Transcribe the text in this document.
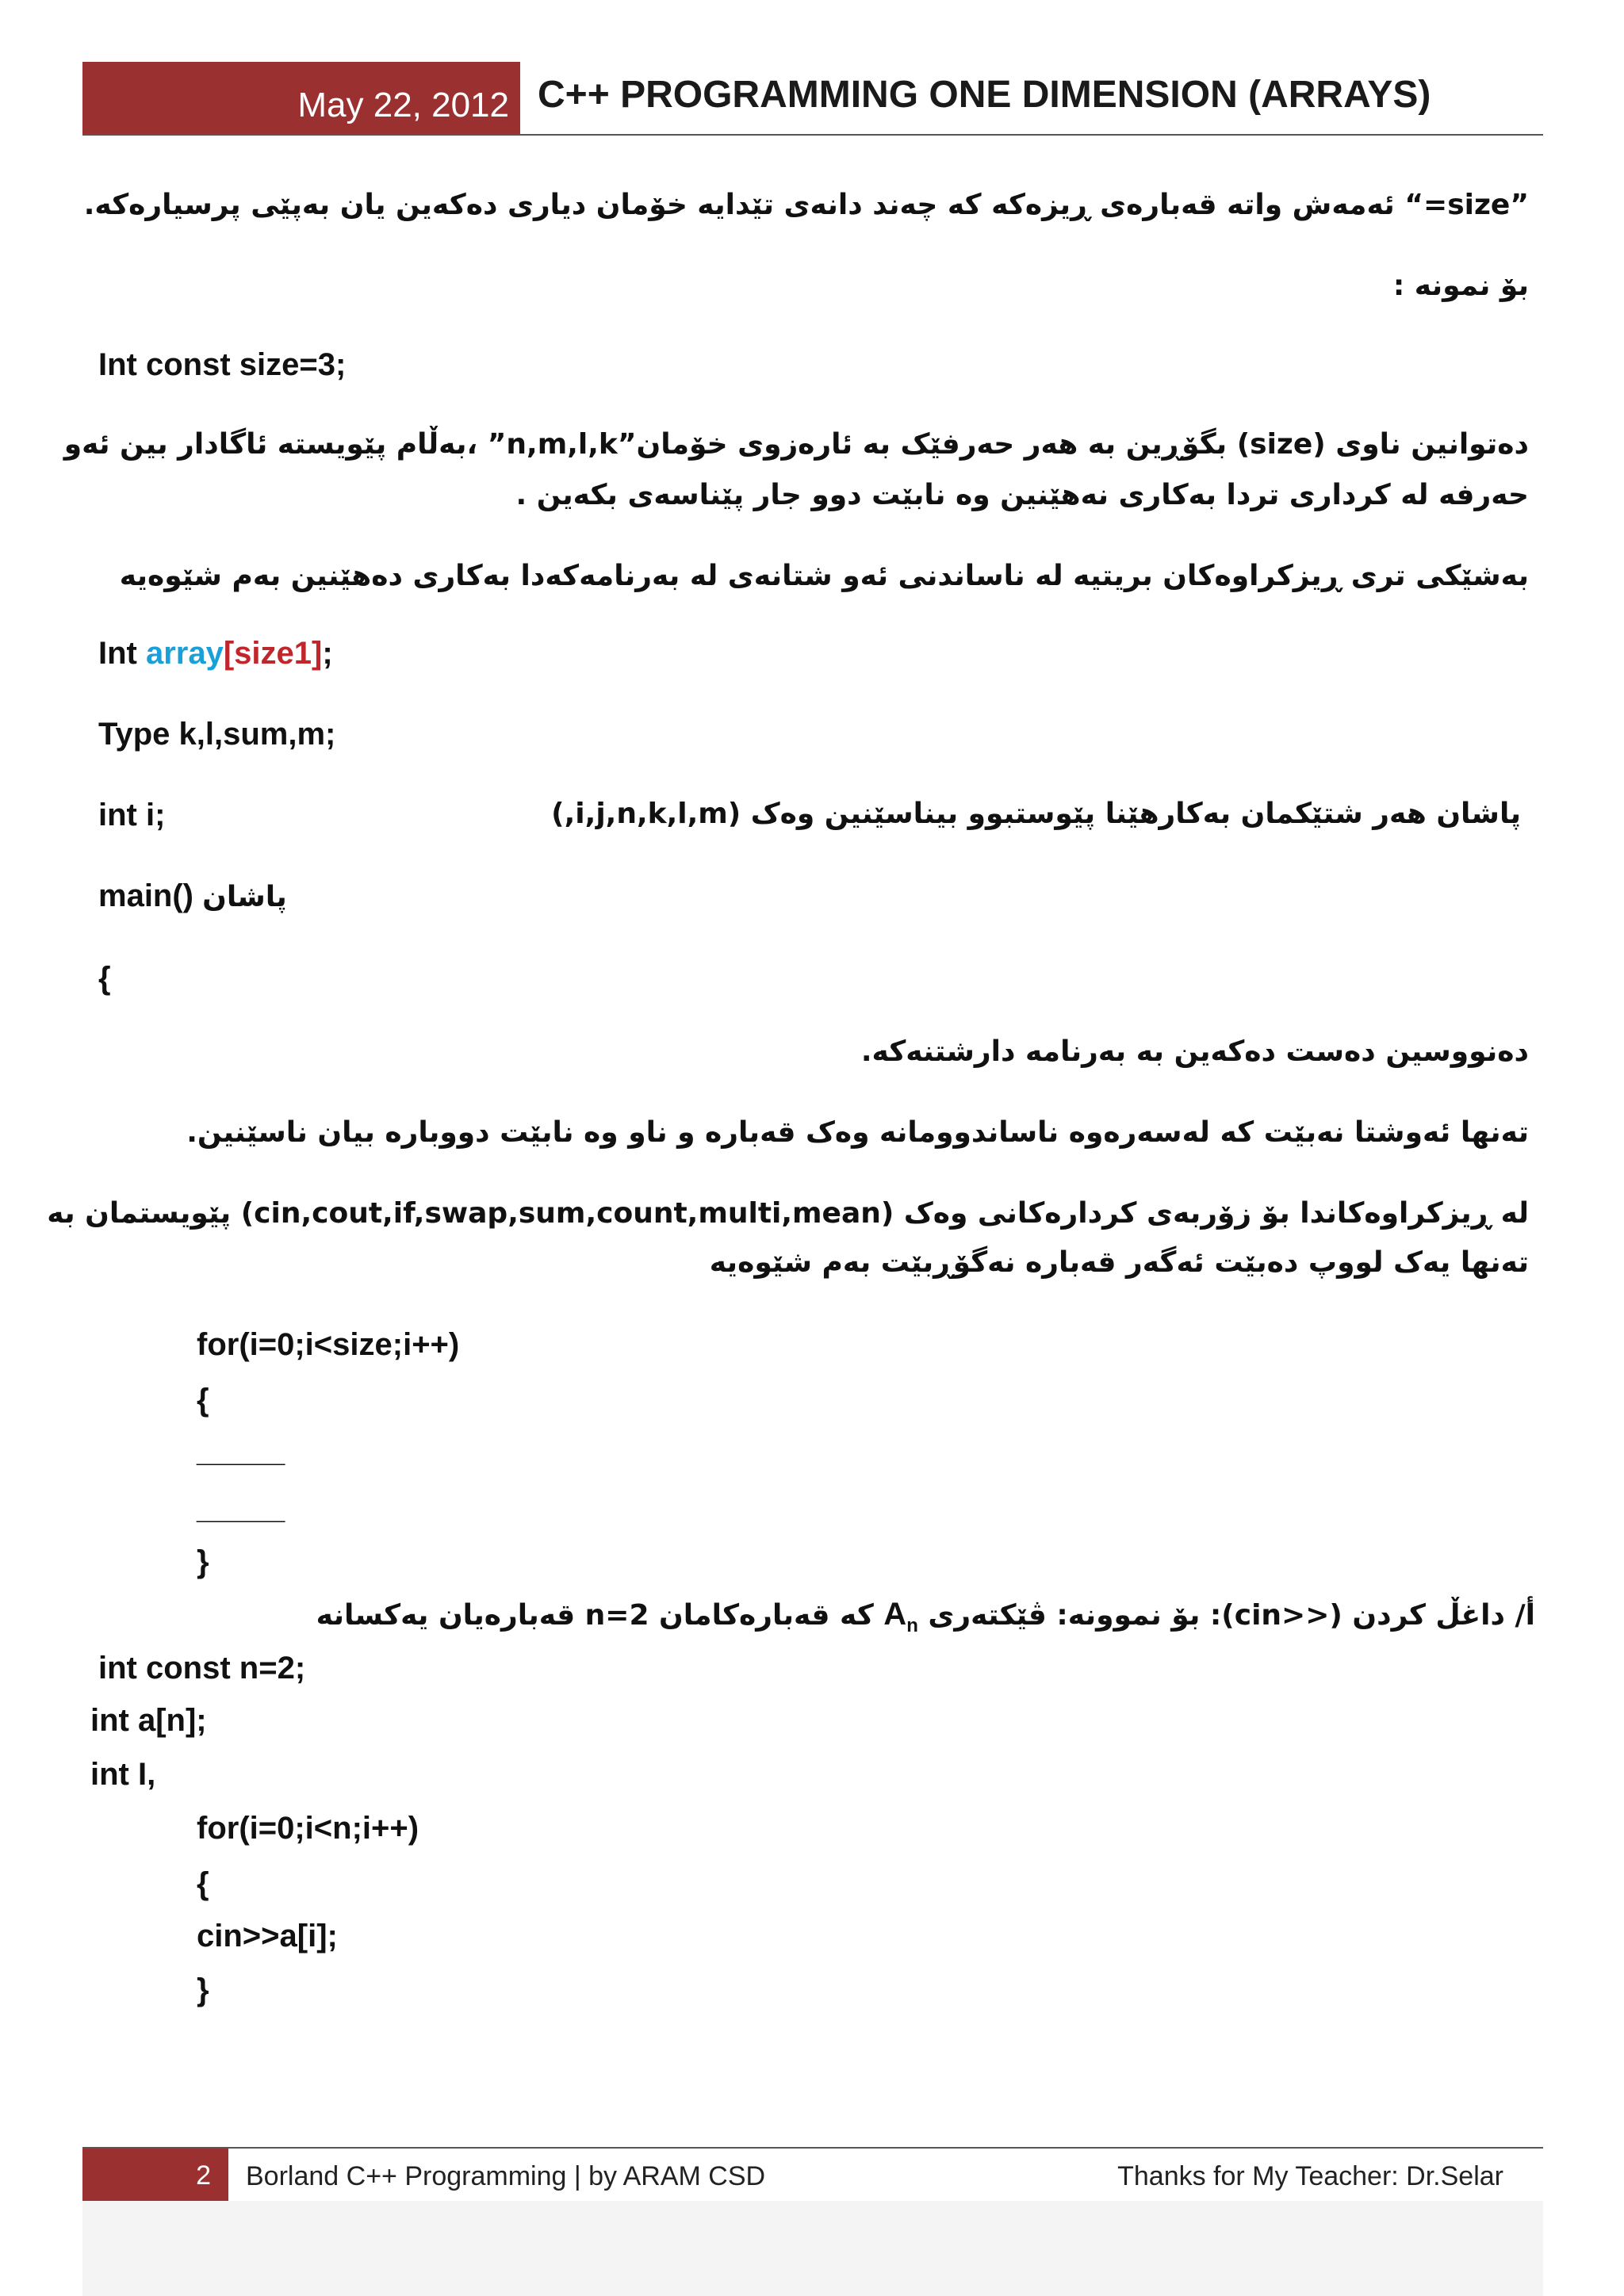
May 22, 2012 C++ PROGRAMMING ONE DIMENSION (ARRAYS)
”size=“ ئەمەش واتە قەبارەی ڕیزەکە کە چەند دانەی تێدایە خۆمان دیاری دەکەین یان بەپێی پرسیارەکە.
بۆ نمونە :
Int const size=3;
دەتوانین ناوی (size) بگۆڕین بە هەر حەرفێک بە ئارەزوی خۆمان”n,m,l,k” ،بەڵام پێویستە ئاگادار بین ئەو
حەرفە لە کرداری تردا بەکاری نەهێنین وە نابێت دوو جار پێناسەی بکەین .
بەشێکی تری ڕیزکراوەکان بریتیە لە ناساندنی ئەو شتانەی لە بەرنامەکەدا بەکاری دەهێنین بەم شێوەیە
Int array[size1];
Type k,l,sum,m;
int i;	پاشان هەر شتێکمان بەکارهێنا پێوستبوو بیناسێنین وەک (i,j,n,k,l,m,)
main() پاشان
{
دەنووسین دەست دەکەین بە بەرنامە دارشتنەکە.
تەنها ئەوشتا نەبێت کە لەسەرەوە ناساندوومانە وەک قەبارە و ناو وە نابێت دووبارە بیان ناسێنین.
لە ڕیزکراوەکاندا بۆ زۆربەی کردارەکانی وەک (cin,cout,if,swap,sum,count,multi,mean) پێویستمان بە
تەنها یەک لووپ دەبێت ئەگەر قەبارە نەگۆڕبێت بەم شێوەیە
for(i=0;i<size;i++)
{
_____
_____
}
أ/ داغڵ کردن (<<cin): بۆ نموونە: ڤێکتەری $A_n$ کە قەبارەکامان n=2 قەبارەیان یەکسانە
int const n=2;
int a[n];
int I,
for(i=0;i<n;i++)
{
cin>>a[i];
}
2	Borland C++ Programming | by ARAM CSD	Thanks for My Teacher: Dr.Selar
